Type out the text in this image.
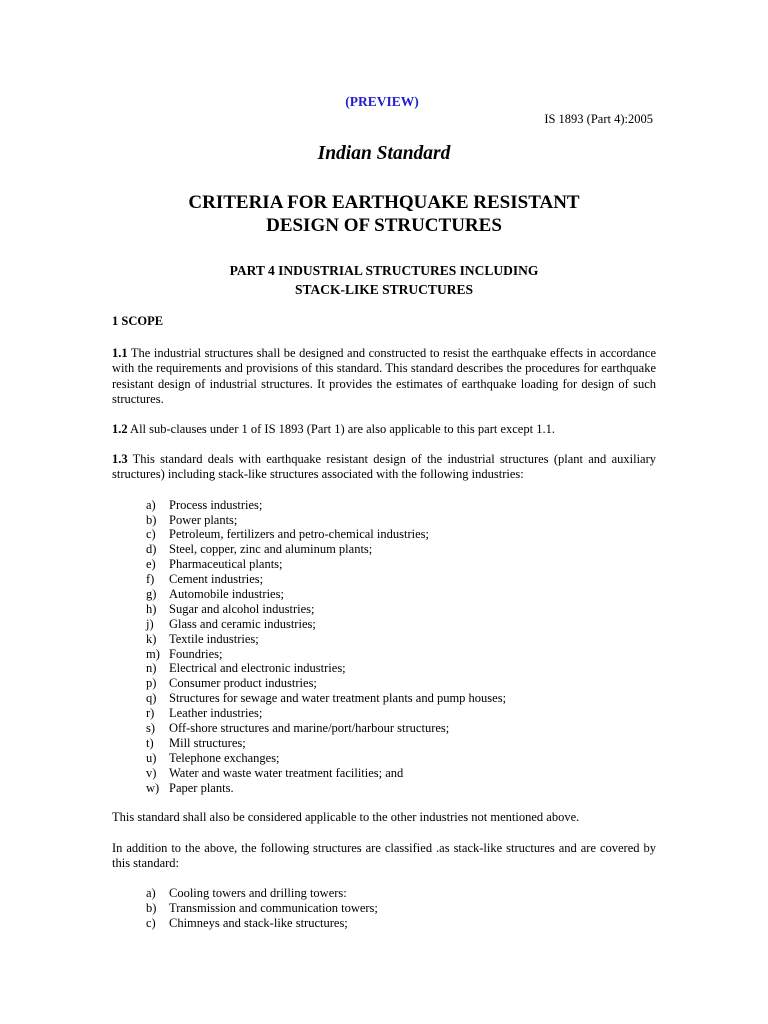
(PREVIEW)
IS 1893 (Part 4):2005
Indian Standard
CRITERIA FOR EARTHQUAKE RESISTANT
DESIGN OF STRUCTURES
PART 4 INDUSTRIAL STRUCTURES INCLUDING
STACK-LIKE STRUCTURES

1 SCOPE

1.1 The industrial structures shall be designed and constructed to resist the earthquake effects in accordance with the requirements and provisions of this standard. This standard describes the procedures for earthquake resistant design of industrial structures. It provides the estimates of earthquake loading for design of such structures.

1.2 All sub-clauses under 1 of IS 1893 (Part 1) are also applicable to this part except 1.1.

1.3 This standard deals with earthquake resistant design of the industrial structures (plant and auxiliary structures) including stack-like structures associated with the following industries:

a)	Process industries;
b)	Power plants;
c)	Petroleum, fertilizers and petro-chemical industries;
d)	Steel, copper, zinc and aluminum plants;
e)	Pharmaceutical plants;
f)	Cement industries;
g)	Automobile industries;
h)	Sugar and alcohol industries;
j)	Glass and ceramic industries;
k)	Textile industries;
m) Foundries;
n)	Electrical and electronic industries;
p)	Consumer product industries;
q)	Structures for sewage and water treatment plants and pump houses;
r)	Leather industries;
s)	Off-shore structures and marine/port/harbour structures;
t)	Mill structures;
u)	Telephone exchanges;
v)	Water and waste water treatment facilities; and
w) Paper plants.

This standard shall also be considered applicable to the other industries not mentioned above.

In addition to the above, the following structures are classified .as stack-like structures and are covered by this standard:

a)	Cooling towers and drilling towers:
b)	Transmission and communication towers;
c)	Chimneys and stack-like structures;
